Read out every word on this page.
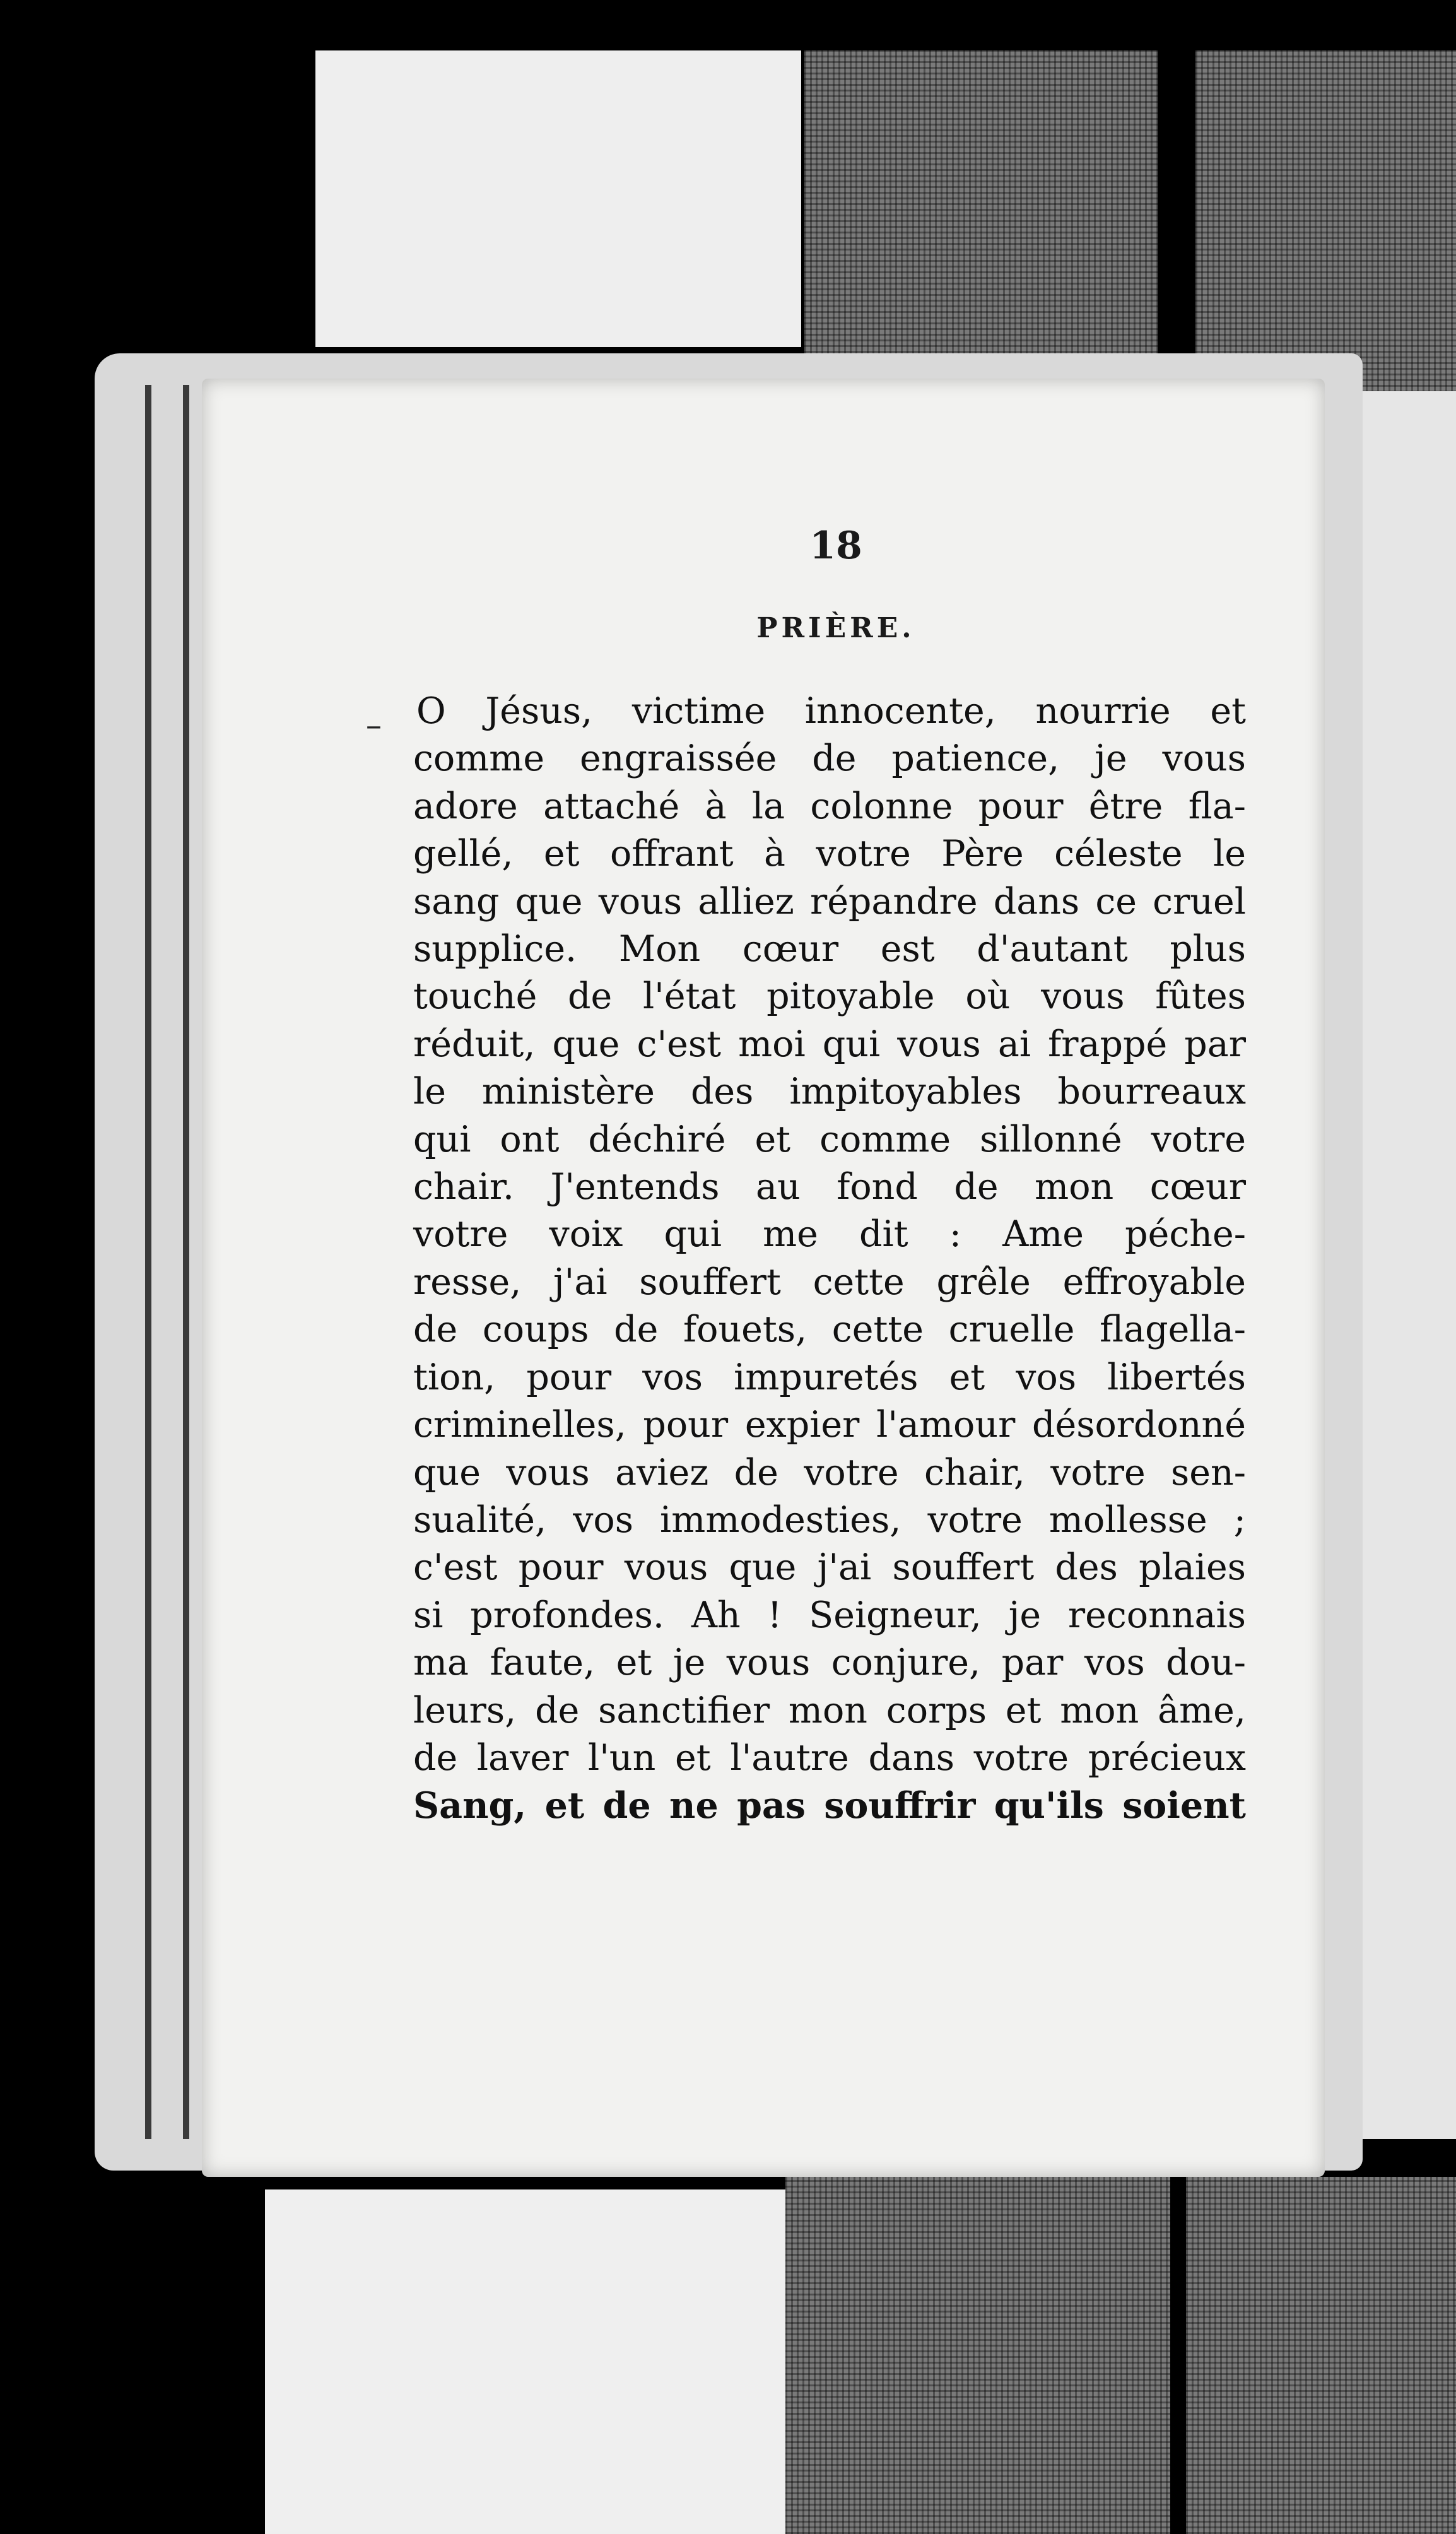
18
PRIÈRE.
– O Jésus, victime innocente, nourrie et
comme engraissée de patience, je vous
adore attaché à la colonne pour être fla-
gellé, et offrant à votre Père céleste le
sang que vous alliez répandre dans ce cruel
supplice. Mon cœur est d'autant plus
touché de l'état pitoyable où vous fûtes
réduit, que c'est moi qui vous ai frappé par
le ministère des impitoyables bourreaux
qui ont déchiré et comme sillonné votre
chair. J'entends au fond de mon cœur
votre voix qui me dit : Ame péche-
resse, j'ai souffert cette grêle effroyable
de coups de fouets, cette cruelle flagella-
tion, pour vos impuretés et vos libertés
criminelles, pour expier l'amour désordonné
que vous aviez de votre chair, votre sen-
sualité, vos immodesties, votre mollesse ;
c'est pour vous que j'ai souffert des plaies
si profondes. Ah ! Seigneur, je reconnais
ma faute, et je vous conjure, par vos dou-
leurs, de sanctifier mon corps et mon âme,
de laver l'un et l'autre dans votre précieux
Sang, et de ne pas souffrir qu'ils soient
